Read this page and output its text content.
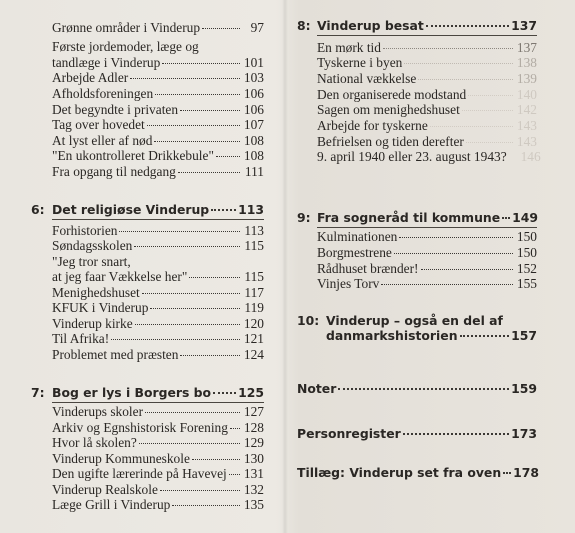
Grønne områder i Vinderup	97
Første jordemoder, læge og
tandlæge i Vinderup	101
Arbejde Adler	103
Afholdsforeningen	106
Det begyndte i privaten	106
Tag over hovedet	107
At lyst eller af nød	108
"En ukontrolleret Drikkebule" 108
Fra opgang til nedgang	111
6: Det religiøse Vinderup 113
Forhistorien	113
Søndagsskolen	115
"Jeg tror snart,
at jeg faar Vækkelse her"	115
Menighedshuset	117
KFUK i Vinderup	119
Vinderup kirke	120
Til Afrika!	121
Problemet med præsten	124
7: Bog er lys i Borgers bo 125
Vinderups skoler	127
Arkiv og Egnshistorisk Forening 128
Hvor lå skolen?	129
Vinderup Kommuneskole	130
Den ugifte lærerinde på Havevej 131
Vinderup Realskole	132
Læge Grill i Vinderup	135
8: Vinderup besat	137
En mørk tid	137
Tyskerne i byen	138
National vækkelse	139
Den organiserede modstand	140
Sagen om menighedshuset	142
Arbejde for tyskerne	143
Befrielsen og tiden derefter	143
9. april 1940 eller 23. august 1943? 146
9: Fra sogneråd til kommune 149
Kulminationen	150
Borgmestrene	150
Rådhuset brænder!	152
Vinjes Torv	155
10: Vinderup – også en del af
danmarkshistorien	157
Noter	159
Personregister	173
Tillæg: Vinderup set fra oven 178
